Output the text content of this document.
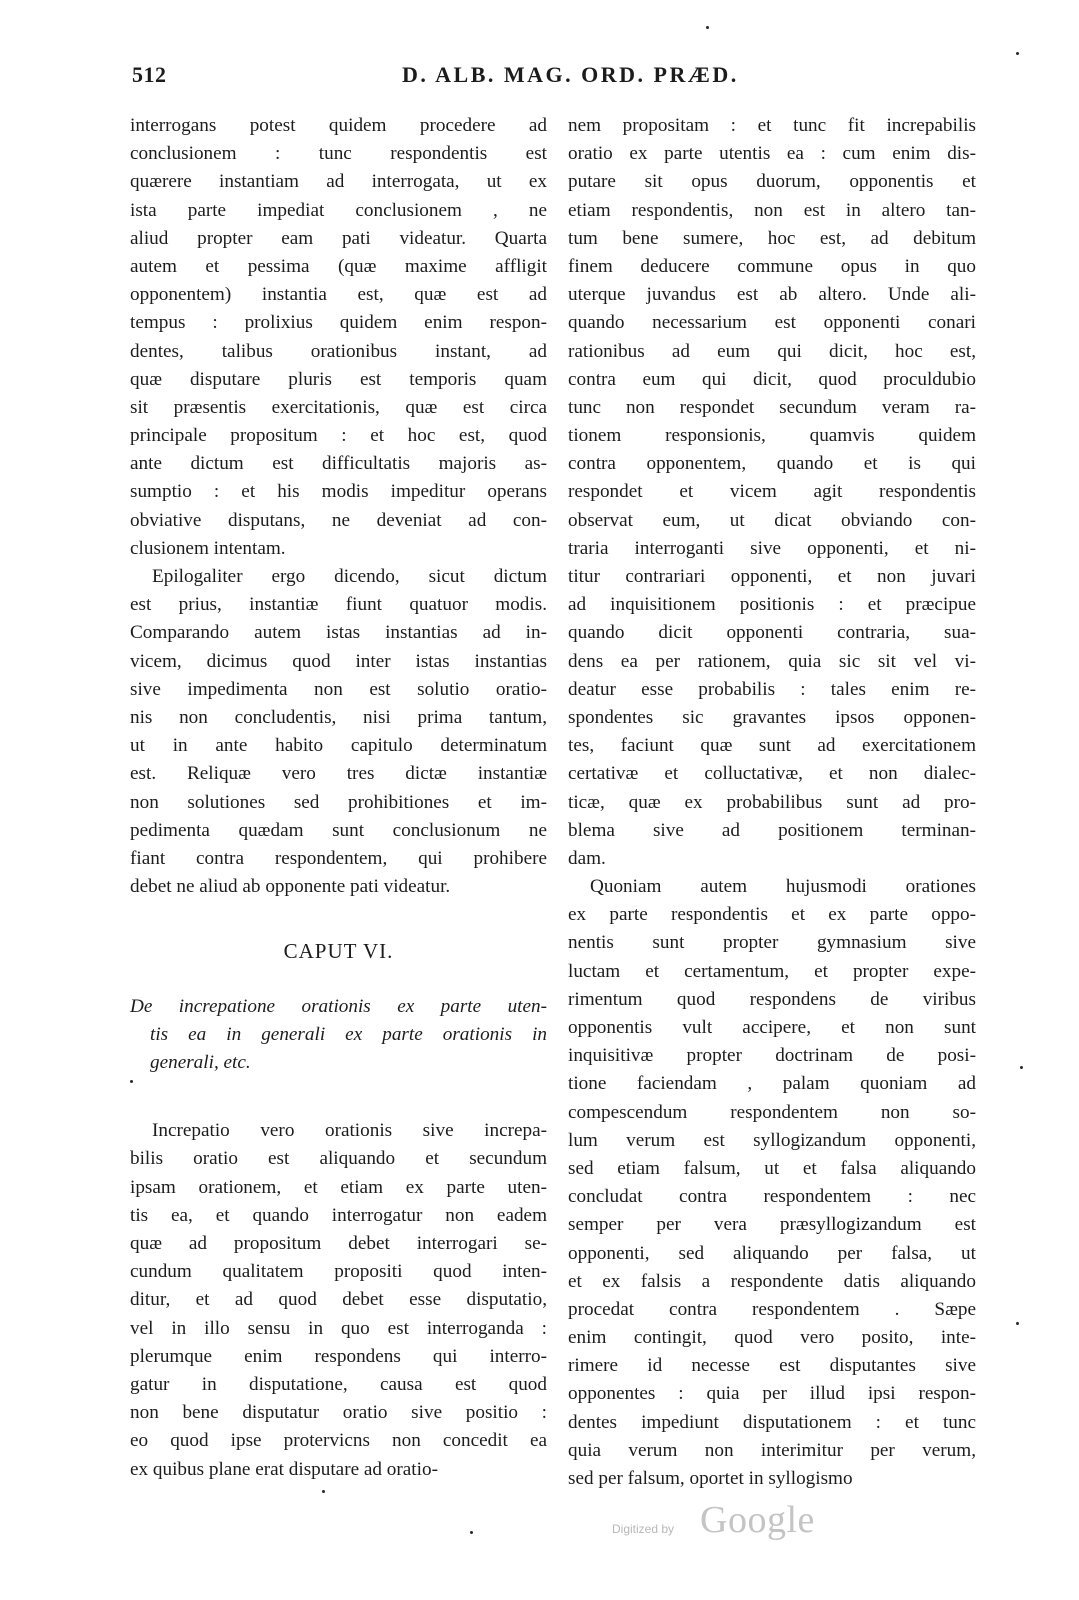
512	D. ALB. MAG. ORD. PRÆD.
interrogans potest quidem procedere ad
conclusionem : tunc respondentis est
quærere instantiam ad interrogata, ut ex
ista parte impediat conclusionem , ne
aliud propter eam pati videatur. Quarta
autem et pessima (quæ maxime affligit
opponentem) instantia est, quæ est ad
tempus : prolixius quidem enim respon-
dentes, talibus orationibus instant, ad
quæ disputare pluris est temporis quam
sit præsentis exercitationis, quæ est circa
principale propositum : et hoc est, quod
ante dictum est difficultatis majoris as-
sumptio : et his modis impeditur operans
obviative disputans, ne deveniat ad con-
clusionem intentam.
Epilogaliter ergo dicendo, sicut dictum
est prius, instantiæ fiunt quatuor modis.
Comparando autem istas instantias ad in-
vicem, dicimus quod inter istas instantias
sive impedimenta non est solutio oratio-
nis non concludentis, nisi prima tantum,
ut in ante habito capitulo determinatum
est. Reliquæ vero tres dictæ instantiæ
non solutiones sed prohibitiones et im-
pedimenta quædam sunt conclusionum ne
fiant contra respondentem, qui prohibere
debet ne aliud ab opponente pati videatur.
CAPUT VI.
De increpatione orationis ex parte uten-
tis ea in generali ex parte orationis in
generali, etc.
Increpatio vero orationis sive increpa-
bilis oratio est aliquando et secundum
ipsam orationem, et etiam ex parte uten-
tis ea, et quando interrogatur non eadem
quæ ad propositum debet interrogari se-
cundum qualitatem propositi quod inten-
ditur, et ad quod debet esse disputatio,
vel in illo sensu in quo est interroganda :
plerumque enim respondens qui interro-
gatur in disputatione, causa est quod
non bene disputatur oratio sive positio :
eo quod ipse protervicns non concedit ea
ex quibus plane erat disputare ad oratio-
nem propositam : et tunc fit increpabilis
oratio ex parte utentis ea : cum enim dis-
putare sit opus duorum, opponentis et
etiam respondentis, non est in altero tan-
tum bene sumere, hoc est, ad debitum
finem deducere commune opus in quo
uterque juvandus est ab altero. Unde ali-
quando necessarium est opponenti conari
rationibus ad eum qui dicit, hoc est,
contra eum qui dicit, quod proculdubio
tunc non respondet secundum veram ra-
tionem responsionis, quamvis quidem
contra opponentem, quando et is qui
respondet et vicem agit respondentis
observat eum, ut dicat obviando con-
traria interroganti sive opponenti, et ni-
titur contrariari opponenti, et non juvari
ad inquisitionem positionis : et præcipue
quando dicit opponenti contraria, sua-
dens ea per rationem, quia sic sit vel vi-
deatur esse probabilis : tales enim re-
spondentes sic gravantes ipsos opponen-
tes, faciunt quæ sunt ad exercitationem
certativæ et colluctativæ, et non dialec-
ticæ, quæ ex probabilibus sunt ad pro-
blema sive ad positionem terminan-
dam.
Quoniam autem hujusmodi orationes
ex parte respondentis et ex parte oppo-
nentis sunt propter gymnasium sive
luctam et certamentum, et propter expe-
rimentum quod respondens de viribus
opponentis vult accipere, et non sunt
inquisitivæ propter doctrinam de posi-
tione faciendam , palam quoniam ad
compescendum respondentem non so-
lum verum est syllogizandum opponenti,
sed etiam falsum, ut et falsa aliquando
concludat contra respondentem : nec
semper per vera præsyllogizandum est
opponenti, sed aliquando per falsa, ut
et ex falsis a respondente datis aliquando
procedat contra respondentem . Sæpe
enim contingit, quod vero posito, inte-
rimere id necesse est disputantes sive
opponentes : quia per illud ipsi respon-
dentes impediunt disputationem : et tunc
quia verum non interimitur per verum,
sed per falsum, oportet in syllogismo
Digitized by Google
